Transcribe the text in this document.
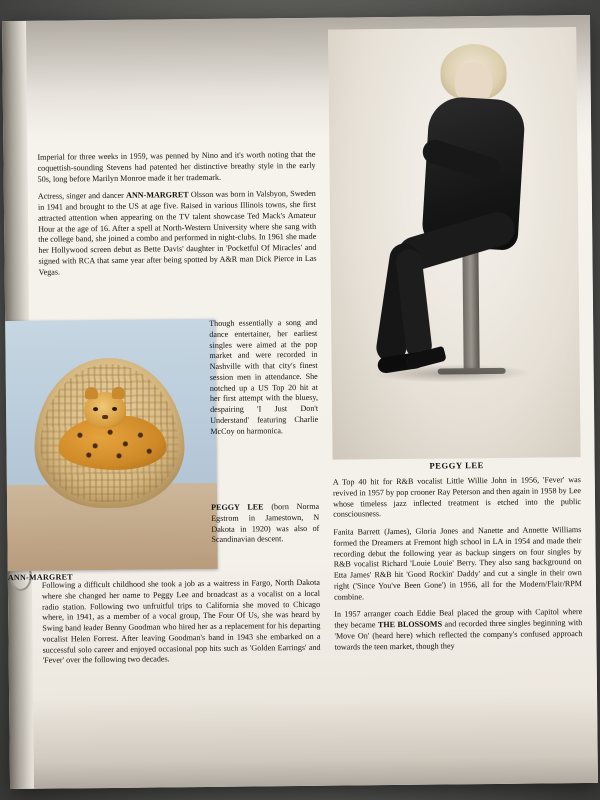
Imperial for three weeks in 1959, was penned by Nino and it's worth noting that the coquettish-sounding Stevens had patented her distinctive breathy style in the early 50s, long before Marilyn Monroe made it her trademark.

Actress, singer and dancer ANN-MARGRET Olsson was born in Valsbyon, Sweden in 1941 and brought to the US at age five. Raised in various Illinois towns, she first attracted attention when appearing on the TV talent showcase Ted Mack's Amateur Hour at the age of 16. After a spell at North-Western University where she sang with the college band, she joined a combo and performed in night-clubs. In 1961 she made her Hollywood screen debut as Bette Davis' daughter in 'Pocketful Of Miracles' and signed with RCA that same year after being spotted by A&R man Dick Pierce in Las Vegas.

ANN-MARGRET
Though essentially a song and dance entertainer, her earliest singles were aimed at the pop market and were recorded in Nashville with that city's finest session men in attendance. She notched up a US Top 20 hit at her first attempt with the bluesy, despairing 'I Just Don't Understand' featuring Charlie McCoy on harmonica.
PEGGY LEE (born Norma Egstrom in Jamestown, N Dakota in 1920) was also of Scandinavian descent.
Following a difficult childhood she took a job as a waitress in Fargo, North Dakota where she changed her name to Peggy Lee and broadcast as a vocalist on a local radio station. Following two unfruitful trips to California she moved to Chicago where, in 1941, as a member of a vocal group, The Four Of Us, she was heard by Swing band leader Benny Goodman who hired her as a replacement for his departing vocalist Helen Forrest. After leaving Goodman's band in 1943 she embarked on a successful solo career and enjoyed occasional pop hits such as 'Golden Earrings' and 'Fever' over the following two decades.
PEGGY LEE

A Top 40 hit for R&B vocalist Little Willie John in 1956, 'Fever' was revived in 1957 by pop crooner Ray Peterson and then again in 1958 by Lee whose timeless jazz inflected treatment is etched into the public consciousness.

Fanita Barrett (James), Gloria Jones and Nanette and Annette Williams formed the Dreamers at Fremont high school in LA in 1954 and made their recording debut the following year as backup singers on four singles by R&B vocalist Richard 'Louie Louie' Berry. They also sang background on Etta James' R&B hit 'Good Rockin' Daddy' and cut a single in their own right ('Since You've Been Gone') in 1956, all for the Modern/Flair/RPM combine.

In 1957 arranger coach Eddie Beal placed the group with Capitol where they became THE BLOSSOMS and recorded three singles beginning with 'Move On' (heard here) which reflected the company's confused approach towards the teen market, though they
